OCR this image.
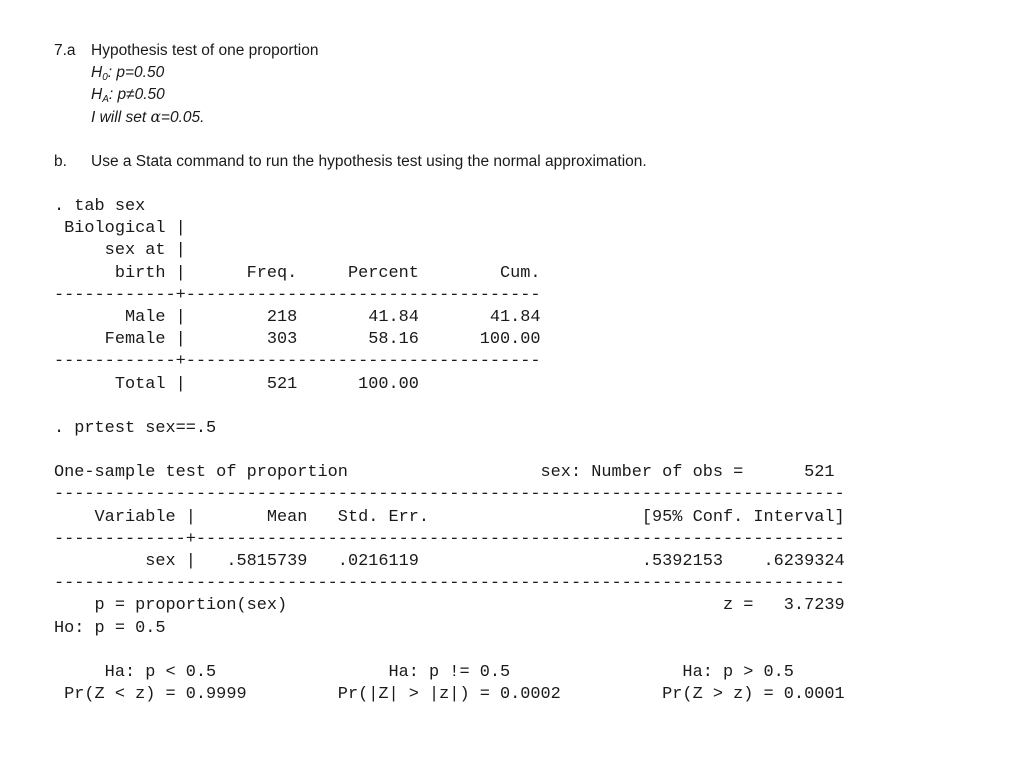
7.a Hypothesis test of one proportion
$H_0$: p=0.50
$H_A$: p≠0.50
I will set α=0.05.
b.	Use a Stata command to run the hypothesis test using the normal approximation.
. tab sex
Biological |
sex at |
birth |      Freq.     Percent        Cum.
------------+-----------------------------------
Male |        218       41.84       41.84
Female |        303       58.16      100.00
------------+-----------------------------------
Total |        521      100.00
. prtest sex==.5
One-sample test of proportion                   sex: Number of obs =      521
------------------------------------------------------------------------------
Variable |       Mean   Std. Err.                     [95% Conf. Interval]
-------------+----------------------------------------------------------------
sex |   .5815739   .0216119                      .5392153    .6239324
------------------------------------------------------------------------------
p = proportion(sex)                                           z =   3.7239
Ho: p = 0.5
Ha: p < 0.5                 Ha: p != 0.5                 Ha: p > 0.5
Pr(Z < z) = 0.9999         Pr(|Z| > |z|) = 0.0002          Pr(Z > z) = 0.0001
